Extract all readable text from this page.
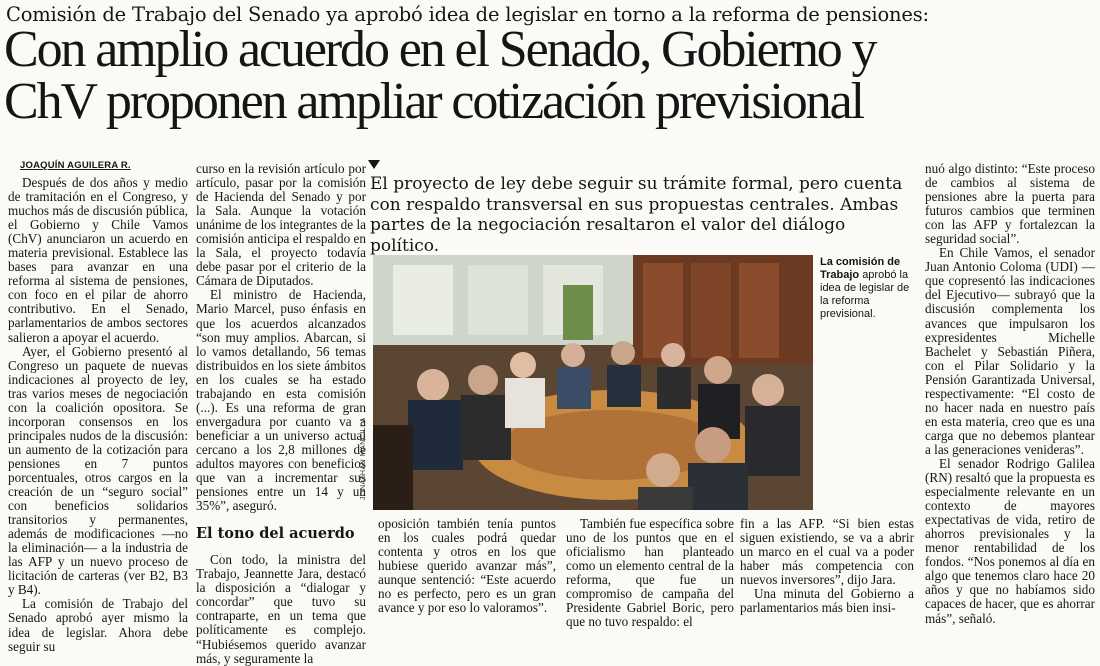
Comisión de Trabajo del Senado ya aprobó idea de legislar en torno a la reforma de pensiones:
Con amplio acuerdo en el Senado, Gobierno y
ChV proponen ampliar cotización previsional
JOAQUÍN AGUILERA R.

Después de dos años y medio de tramitación en el Congreso, y muchos más de discusión pública, el Gobierno y Chile Vamos (ChV) anunciaron un acuerdo en materia previsional. Establece las bases para avanzar en una reforma al sistema de pensiones, con foco en el pilar de ahorro contributivo. En el Senado, parlamentarios de ambos sectores salieron a apoyar el acuerdo.

Ayer, el Gobierno presentó al Congreso un paquete de nuevas indicaciones al proyecto de ley, tras varios meses de negociación con la coalición opositora. Se incorporan consensos en los principales nudos de la discusión: un aumento de la cotización para pensiones en 7 puntos porcentuales, otros cargos en la creación de un “seguro social” con beneficios solidarios transitorios y permanentes, además de modificaciones —no la eliminación— a la industria de las AFP y un nuevo proceso de licitación de carteras (ver B2, B3 y B4).

La comisión de Trabajo del Senado aprobó ayer mismo la idea de legislar. Ahora debe seguir su

curso en la revisión artículo por artículo, pasar por la comisión de Hacienda del Senado y por la Sala. Aunque la votación unánime de los integrantes de la comisión anticipa el respaldo en la Sala, el proyecto todavía debe pasar por el criterio de la Cámara de Diputados.

El ministro de Hacienda, Mario Marcel, puso énfasis en que los acuerdos alcanzados “son muy amplios. Abarcan, si lo vamos detallando, 56 temas distribuidos en los siete ámbitos en los cuales se ha estado trabajando en esta comisión (...). Es una reforma de gran envergadura por cuanto va a beneficiar a un universo actual cercano a los 2,8 millones de adultos mayores con beneficios que van a incrementar sus pensiones entre un 14 y un 35%”, aseguró.

El tono del acuerdo

Con todo, la ministra del Trabajo, Jeannette Jara, destacó la disposición a “dialogar y concordar” que tuvo su contraparte, en un tema que políticamente es complejo. “Hubiésemos querido avanzar más, y seguramente la

El proyecto de ley debe seguir su trámite formal, pero cuenta con respaldo transversal en sus propuestas centrales. Ambas partes de la negociación resaltaron el valor del diálogo político.
JONATHAN MANCILLA
La comisión de Trabajo aprobó la idea de legislar de la reforma previsional.

oposición también tenía puntos en los cuales podrá quedar contenta y otros en los que hubiese querido avanzar más”, aunque sentenció: “Este acuerdo no es perfecto, pero es un gran avance y por eso lo valoramos”.

También fue específica sobre uno de los puntos que en el oficialismo han planteado como un elemento central de la reforma, que fue un compromiso de campaña del Presidente Gabriel Boric, pero que no tuvo respaldo: el

fin a las AFP. “Si bien estas siguen existiendo, se va a abrir un marco en el cual va a poder haber más competencia con nuevos inversores”, dijo Jara.

Una minuta del Gobierno a parlamentarios más bien insi-

nuó algo distinto: “Este proceso de cambios al sistema de pensiones abre la puerta para futuros cambios que terminen con las AFP y fortalezcan la seguridad social”.

En Chile Vamos, el senador Juan Antonio Coloma (UDI) —que copresentó las indicaciones del Ejecutivo— subrayó que la discusión complementa los avances que impulsaron los expresidentes Michelle Bachelet y Sebastián Piñera, con el Pilar Solidario y la Pensión Garantizada Universal, respectivamente: “El costo de no hacer nada en nuestro país en esta materia, creo que es una carga que no debemos plantear a las generaciones venideras”.

El senador Rodrigo Galilea (RN) resaltó que la propuesta es especialmente relevante en un contexto de mayores expectativas de vida, retiro de ahorros previsionales y la menor rentabilidad de los fondos. “Nos ponemos al día en algo que tenemos claro hace 20 años y que no habíamos sido capaces de hacer, que es ahorrar más”, señaló.
